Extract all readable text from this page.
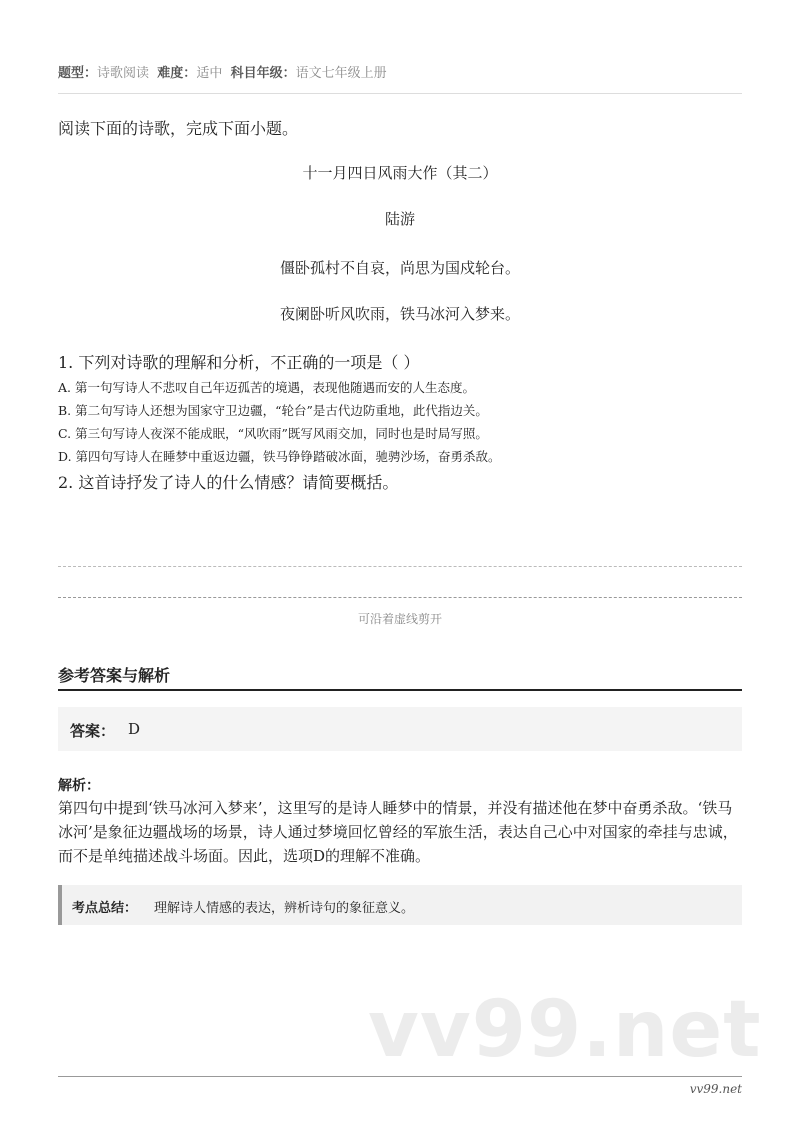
题型：诗歌阅读 难度：适中 科目年级：语文七年级上册
阅读下面的诗歌，完成下面小题。
十一月四日风雨大作（其二）
陆游
僵卧孤村不自哀，尚思为国戍轮台。
夜阑卧听风吹雨，铁马冰河入梦来。
1. 下列对诗歌的理解和分析，不正确的一项是（ ）
A. 第一句写诗人不悲叹自己年迈孤苦的境遇，表现他随遇而安的人生态度。
B. 第二句写诗人还想为国家守卫边疆，“轮台”是古代边防重地，此代指边关。
C. 第三句写诗人夜深不能成眠，“风吹雨”既写风雨交加，同时也是时局写照。
D. 第四句写诗人在睡梦中重返边疆，铁马铮铮踏破冰面，驰骋沙场，奋勇杀敌。
2. 这首诗抒发了诗人的什么情感？请简要概括。
可沿着虚线剪开
参考答案与解析
答案： D
解析：
第四句中提到‘铁马冰河入梦来’，这里写的是诗人睡梦中的情景，并没有描述他在梦中奋勇杀敌。‘铁马冰河’是象征边疆战场的场景，诗人通过梦境回忆曾经的军旅生活，表达自己心中对国家的牵挂与忠诚，而不是单纯描述战斗场面。因此，选项D的理解不准确。
考点总结： 理解诗人情感的表达，辨析诗句的象征意义。
vv99.net
vv99.net
